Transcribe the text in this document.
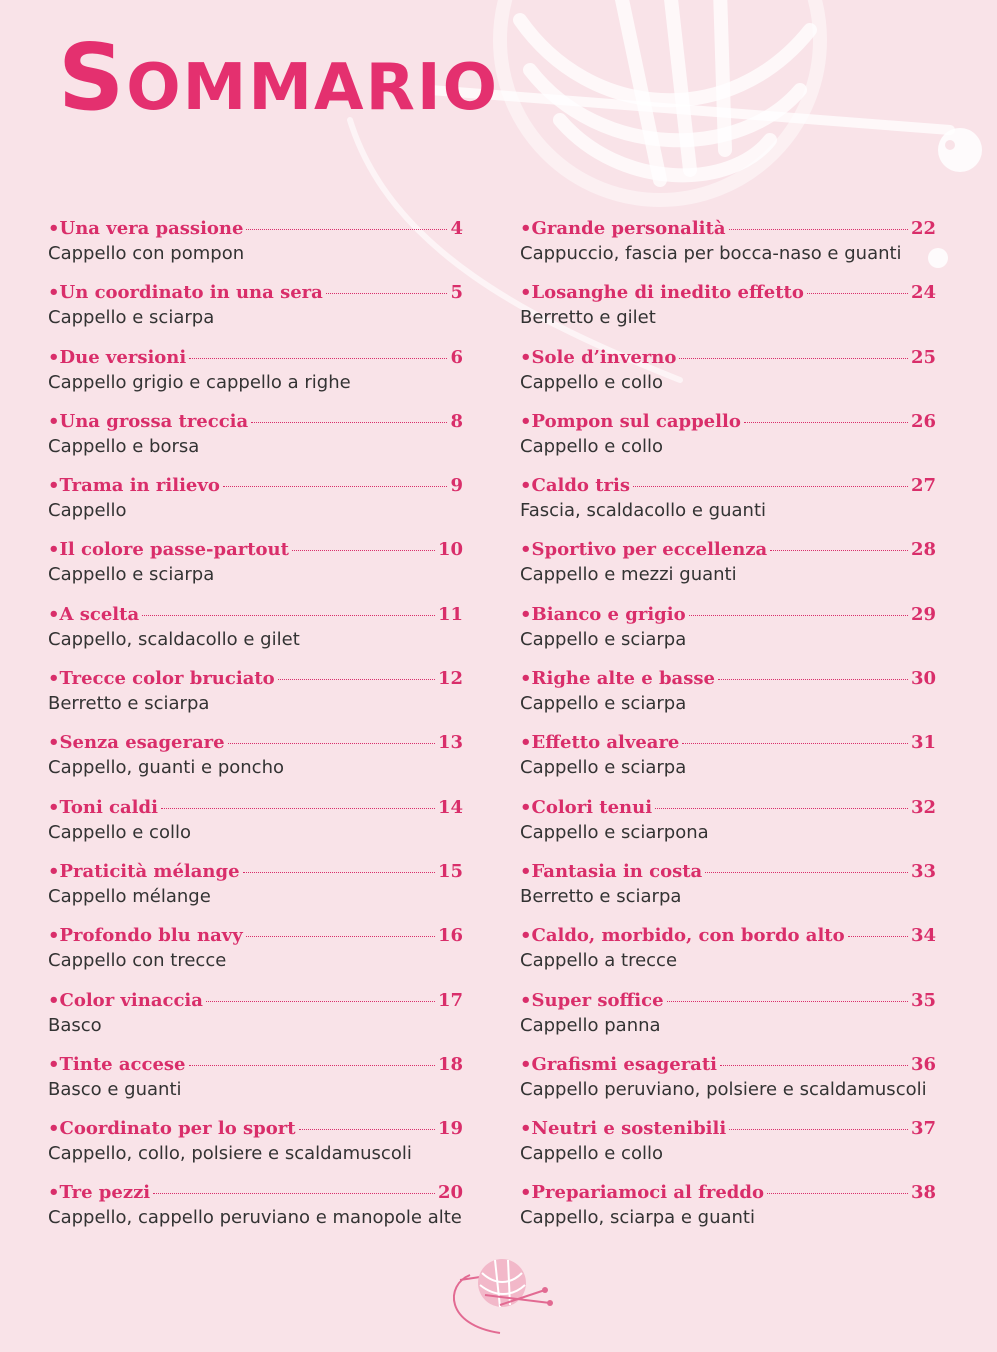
Sommario
•Una vera passione	4
Cappello con pompon
•Un coordinato in una sera	5
Cappello e sciarpa
•Due versioni	6
Cappello grigio e cappello a righe
•Una grossa treccia	8
Cappello e borsa
•Trama in rilievo	9
Cappello
•Il colore passe-partout	10
Cappello e sciarpa
•A scelta	11
Cappello, scaldacollo e gilet
•Trecce color bruciato	12
Berretto e sciarpa
•Senza esagerare	13
Cappello, guanti e poncho
•Toni caldi	14
Cappello e collo
•Praticità mélange	15
Cappello mélange
•Profondo blu navy	16
Cappello con trecce
•Color vinaccia	17
Basco
•Tinte accese	18
Basco e guanti
•Coordinato per lo sport	19
Cappello, collo, polsiere e scaldamuscoli
•Tre pezzi	20
Cappello, cappello peruviano e manopole alte
•Grande personalità	22
Cappuccio, fascia per bocca-naso e guanti
•Losanghe di inedito effetto	24
Berretto e gilet
•Sole d’inverno	25
Cappello e collo
•Pompon sul cappello	26
Cappello e collo
•Caldo tris	27
Fascia, scaldacollo e guanti
•Sportivo per eccellenza	28
Cappello e mezzi guanti
•Bianco e grigio	29
Cappello e sciarpa
•Righe alte e basse	30
Cappello e sciarpa
•Effetto alveare	31
Cappello e sciarpa
•Colori tenui	32
Cappello e sciarpona
•Fantasia in costa	33
Berretto e sciarpa
•Caldo, morbido, con bordo alto	34
Cappello a trecce
•Super soffice	35
Cappello panna
•Grafismi esagerati	36
Cappello peruviano, polsiere e scaldamuscoli
•Neutri e sostenibili	37
Cappello e collo
•Prepariamoci al freddo	38
Cappello, sciarpa e guanti
